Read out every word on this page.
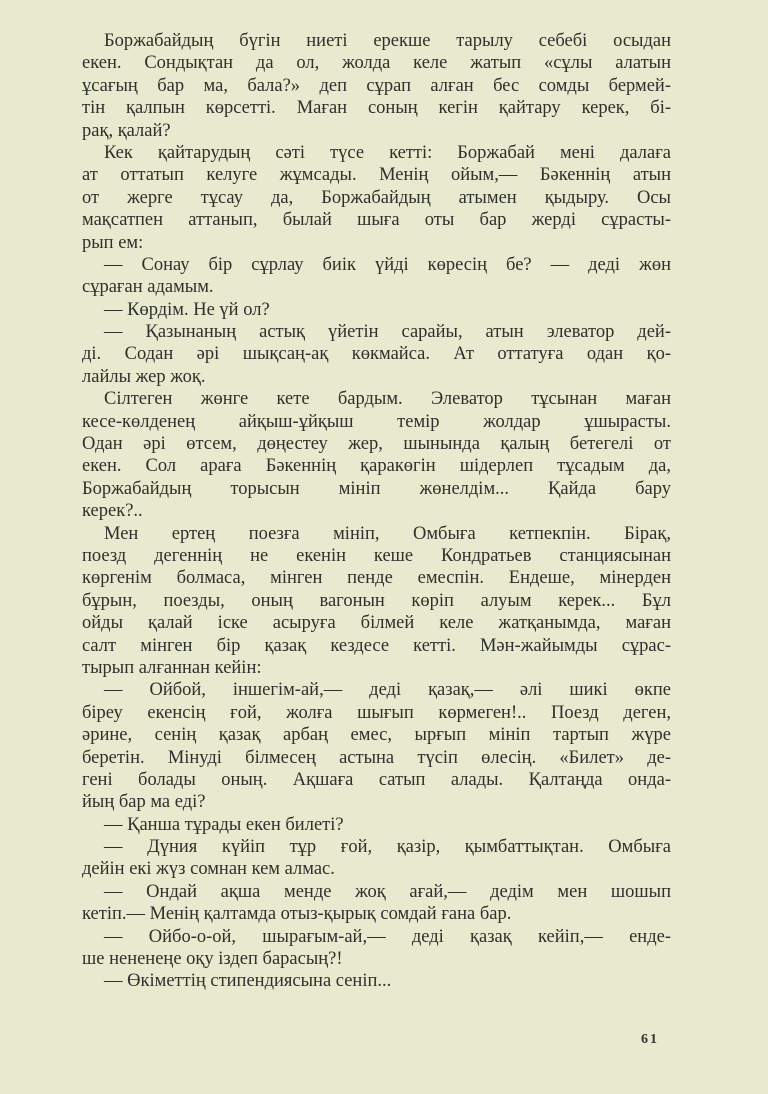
Боржабайдың бүгін ниеті ерекше тарылу себебі осыдан
екен. Сондықтан да ол, жолда келе жатып «сұлы алатын
ұсағың бар ма, бала?» деп сұрап алған бес сомды бермей-
тін қалпын көрсетті. Маған соның кегін қайтару керек, бі-
рақ, қалай?
Кек қайтарудың сәті түсе кетті: Боржабай мені далаға
ат оттатып келуге жұмсады. Менің ойым,— Бәкеннің атын
от жерге тұсау да, Боржабайдың атымен қыдыру. Осы
мақсатпен аттанып, былай шыға оты бар жерді сұрасты-
рып ем:
— Сонау бір сұрлау биік үйді көресің бе? — деді жөн
сұраған адамым.
— Көрдім. Не үй ол?
— Қазынаның астық үйетін сарайы, атын элеватор дей-
ді. Содан әрі шықсаң-ақ көкмайса. Ат оттатуға одан қо-
лайлы жер жоқ.
Сілтеген жөнге кете бардым. Элеватор тұсынан маған
кесе-көлденең айқыш-ұйқыш темір жолдар ұшырасты.
Одан әрі өтсем, дөңестеу жер, шынында қалың бетегелі от
екен. Сол араға Бәкеннің қаракөгін шідерлеп тұсадым да,
Боржабайдың торысын мініп жөнелдім... Қайда бару
керек?..
Мен ертең поезға мініп, Омбыға кетпекпін. Бірақ,
поезд дегеннің не екенін кеше Кондратьев станциясынан
көргенім болмаса, мінген пенде емеспін. Ендеше, мінерден
бұрын, поезды, оның вагонын көріп алуым керек... Бұл
ойды қалай іске асыруға білмей келе жатқанымда, маған
салт мінген бір қазақ кездесе кетті. Мән-жайымды сұрас-
тырып алғаннан кейін:
— Ойбой, іншегім-ай,— деді қазақ,— әлі шикі өкпе
біреу екенсің ғой, жолға шығып көрмеген!.. Поезд деген,
әрине, сенің қазақ арбаң емес, ырғып мініп тартып жүре
беретін. Мінуді білмесең астына түсіп өлесің. «Билет» де-
гені болады оның. Ақшаға сатып алады. Қалтаңда онда-
йың бар ма еді?
— Қанша тұрады екен билеті?
— Дүния күйіп тұр ғой, қазір, қымбаттықтан. Омбыға
дейін екі жүз сомнан кем алмас.
— Ондай ақша менде жоқ ағай,— дедім мен шошып
кетіп.— Менің қалтамда отыз-қырық сомдай ғана бар.
— Ойбо-о-ой, шырағым-ай,— деді қазақ кейіп,— енде-
ше нененеңе оқу іздеп барасың?!
— Өкіметтің стипендиясына сеніп...
61
